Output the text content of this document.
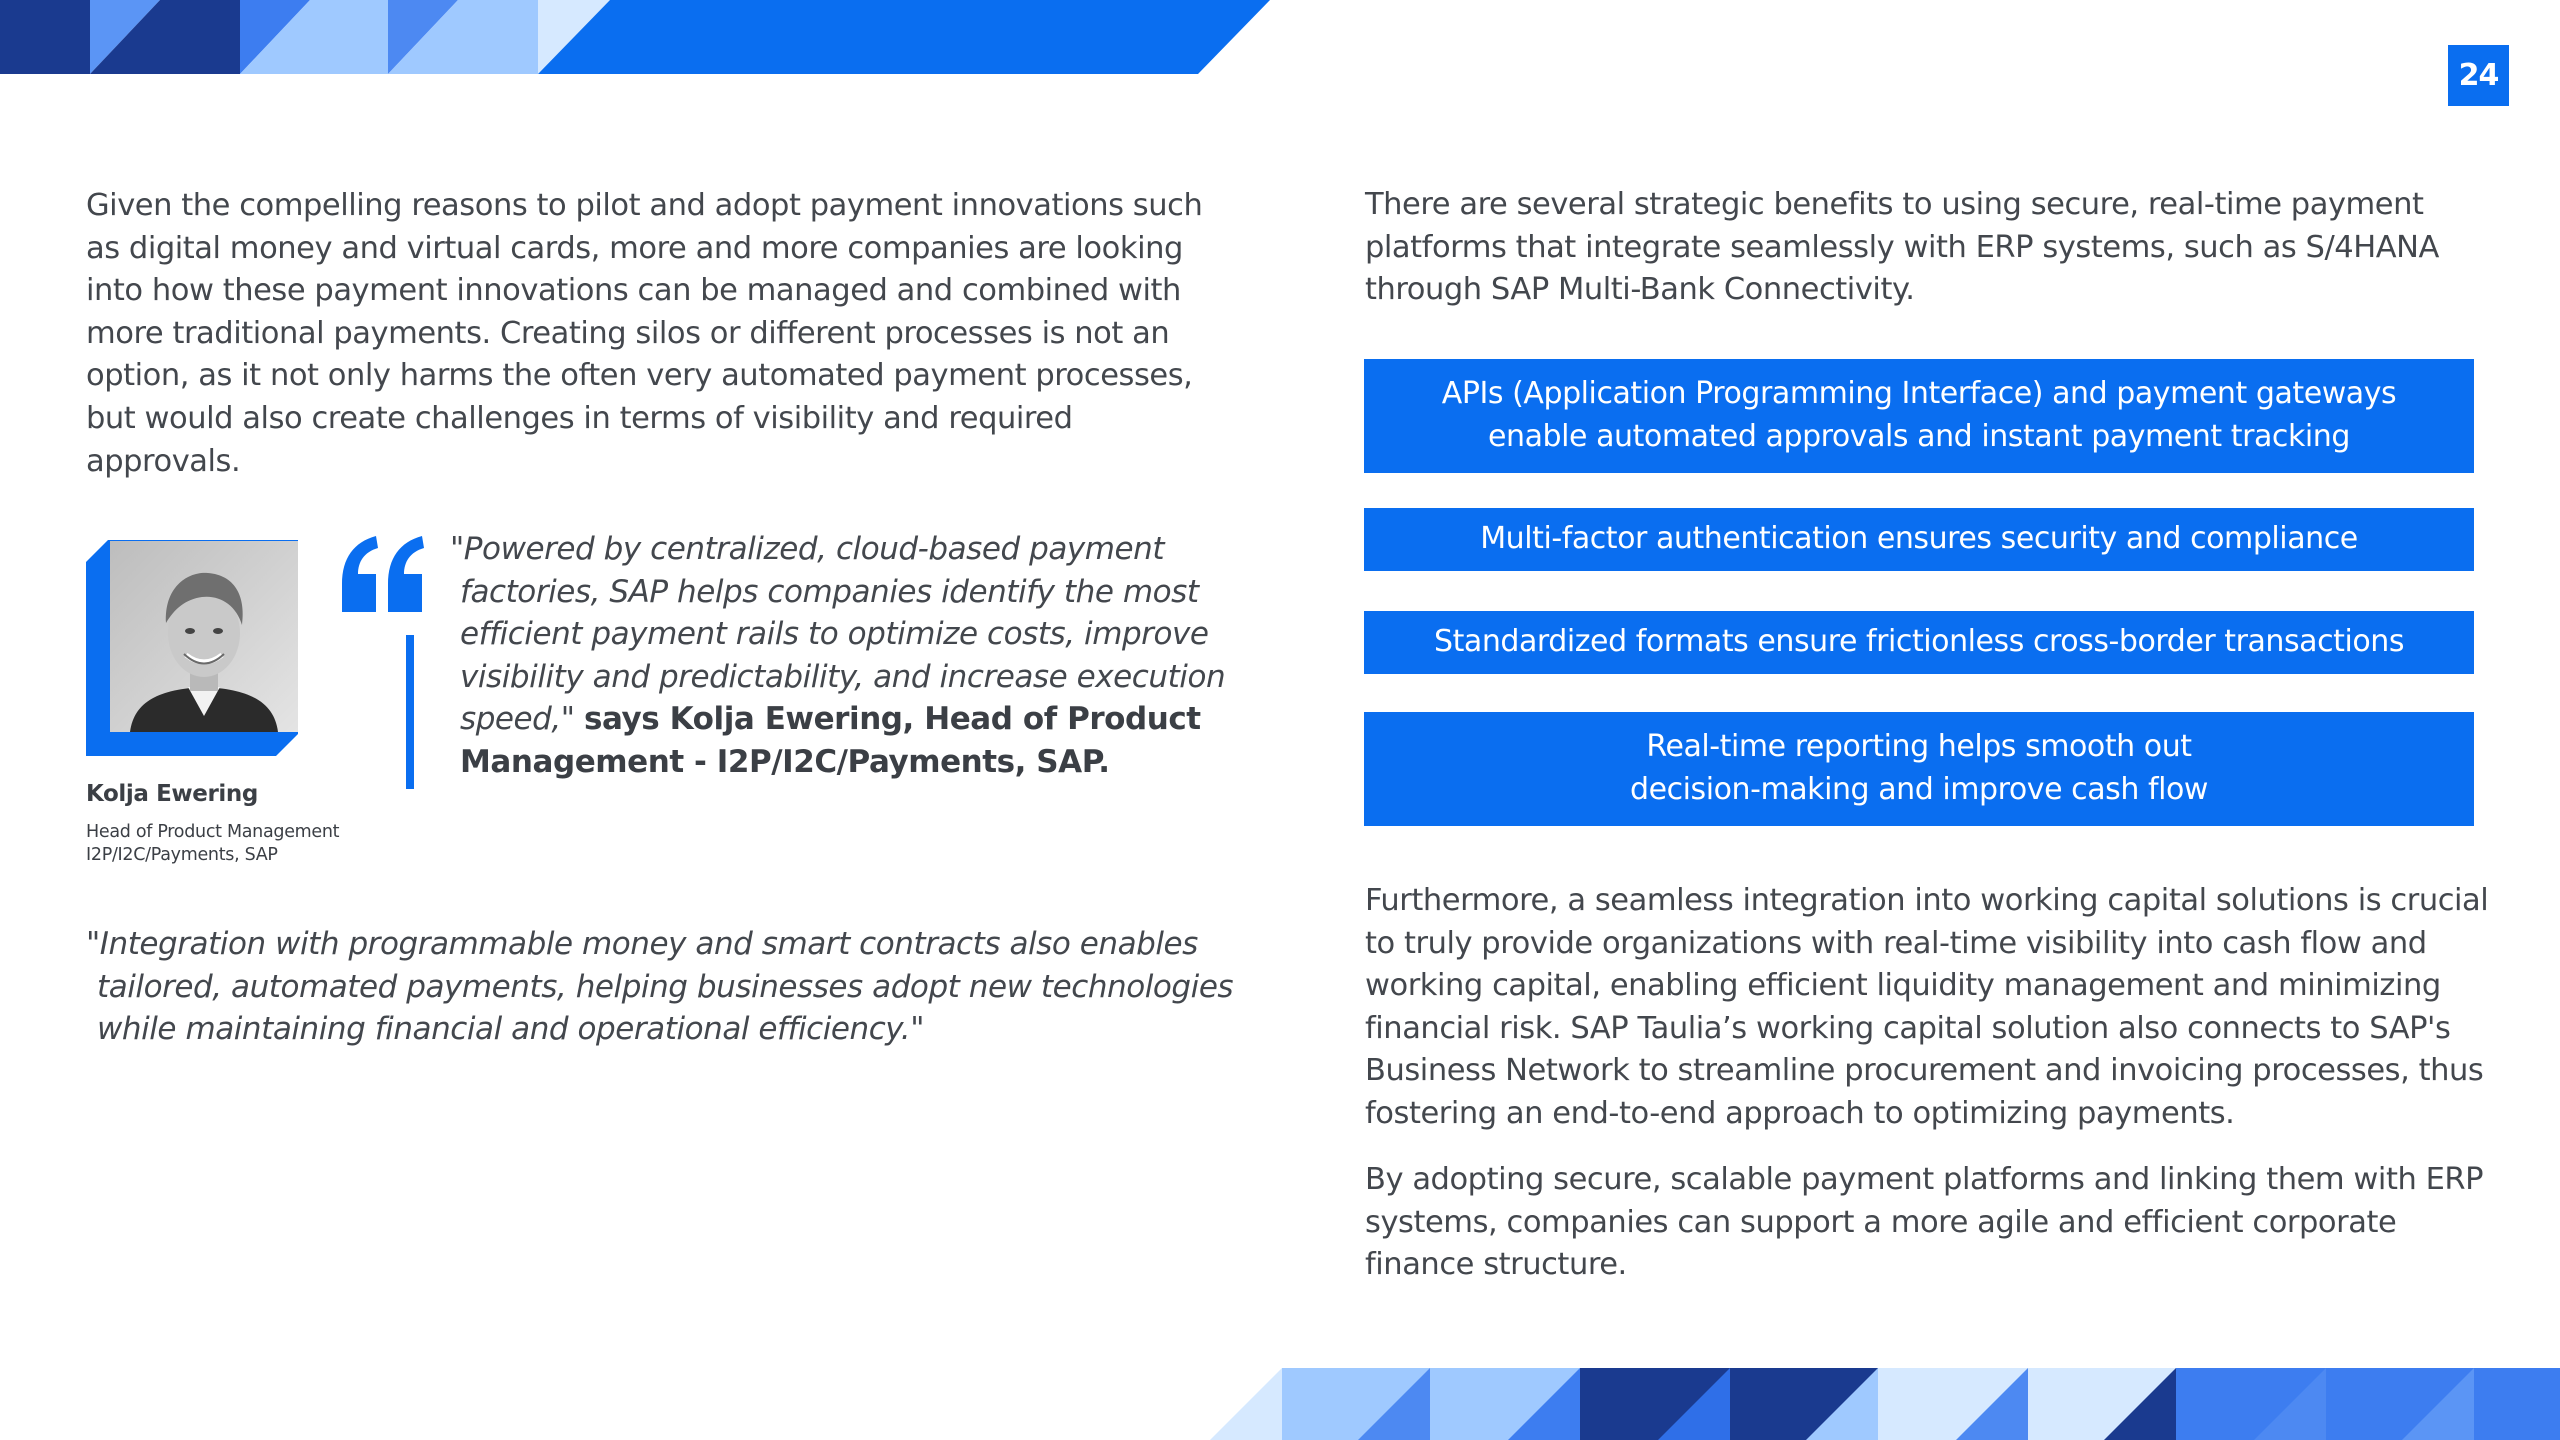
24

Given the compelling reasons to pilot and adopt payment innovations such as digital money and virtual cards, more and more companies are looking into how these payment innovations can be managed and combined with more traditional payments. Creating silos or different processes is not an option, as it not only harms the often very automated payment processes, but would also create challenges in terms of visibility and required approvals.

Kolja Ewering
Head of Product Management
I2P/I2C/Payments, SAP

"Powered by centralized, cloud-based payment factories, SAP helps companies identify the most efficient payment rails to optimize costs, improve visibility and predictability, and increase execution speed," says Kolja Ewering, Head of Product Management - I2P/I2C/Payments, SAP.

"Integration with programmable money and smart contracts also enables tailored, automated payments, helping businesses adopt new technologies while maintaining financial and operational efficiency."

There are several strategic benefits to using secure, real-time payment platforms that integrate seamlessly with ERP systems, such as S/4HANA through SAP Multi-Bank Connectivity.

APIs (Application Programming Interface) and payment gateways
enable automated approvals and instant payment tracking
Multi-factor authentication ensures security and compliance
Standardized formats ensure frictionless cross-border transactions
Real-time reporting helps smooth out
decision-making and improve cash flow

Furthermore, a seamless integration into working capital solutions is crucial to truly provide organizations with real-time visibility into cash flow and working capital, enabling efficient liquidity management and minimizing financial risk. SAP Taulia’s working capital solution also connects to SAP's Business Network to streamline procurement and invoicing processes, thus fostering an end-to-end approach to optimizing payments.

By adopting secure, scalable payment platforms and linking them with ERP systems, companies can support a more agile and efficient corporate finance structure.
